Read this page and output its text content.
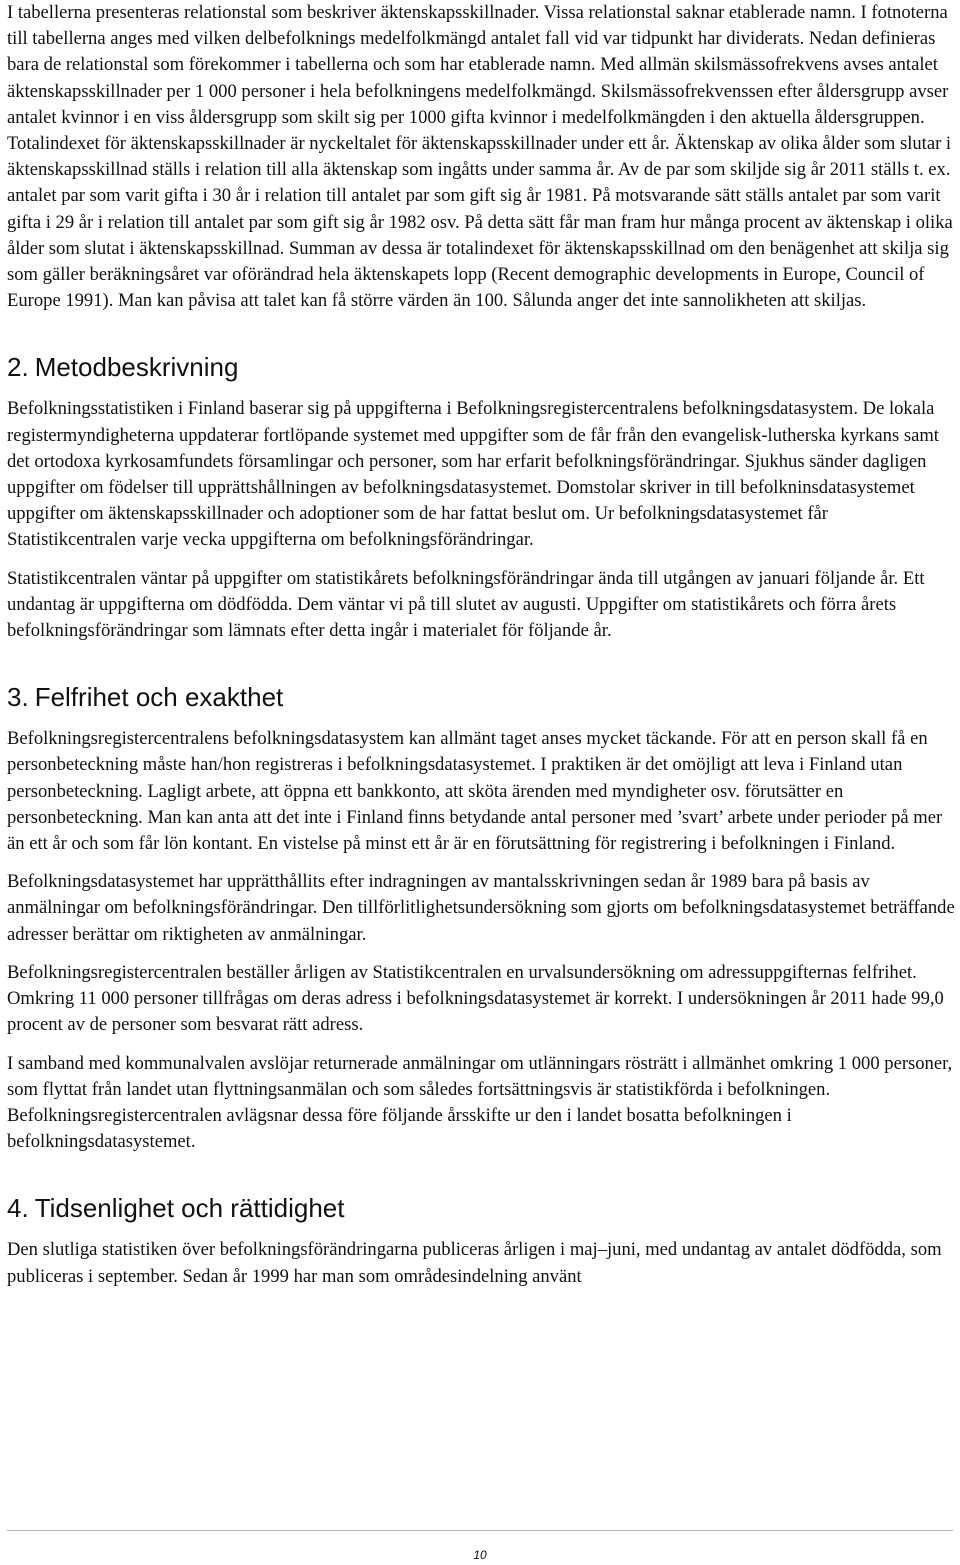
I tabellerna presenteras relationstal som beskriver äktenskapsskillnader. Vissa relationstal saknar etablerade namn. I fotnoterna till tabellerna anges med vilken delbefolknings medelfolkmängd antalet fall vid var tidpunkt har dividerats. Nedan definieras bara de relationstal som förekommer i tabellerna och som har etablerade namn. Med allmän skilsmässofrekvens avses antalet äktenskapsskillnader per 1 000 personer i hela befolkningens medelfolkmängd. Skilsmässofrekvenssen efter åldersgrupp avser antalet kvinnor i en viss åldersgrupp som skilt sig per 1000 gifta kvinnor i medelfolkmängden i den aktuella åldersgruppen. Totalindexet för äktenskapsskillnader är nyckeltalet för äktenskapsskillnader under ett år. Äktenskap av olika ålder som slutar i äktenskapsskillnad ställs i relation till alla äktenskap som ingåtts under samma år. Av de par som skiljde sig år 2011 ställs t. ex. antalet par som varit gifta i 30 år i relation till antalet par som gift sig år 1981. På motsvarande sätt ställs antalet par som varit gifta i 29 år i relation till antalet par som gift sig år 1982 osv. På detta sätt får man fram hur många procent av äktenskap i olika ålder som slutat i äktenskapsskillnad. Summan av dessa är totalindexet för äktenskapsskillnad om den benägenhet att skilja sig som gäller beräkningsåret var oförändrad hela äktenskapets lopp (Recent demographic developments in Europe, Council of Europe 1991). Man kan påvisa att talet kan få större värden än 100. Sålunda anger det inte sannolikheten att skiljas.

2. Metodbeskrivning

Befolkningsstatistiken i Finland baserar sig på uppgifterna i Befolkningsregistercentralens befolkningsdatasystem. De lokala registermyndigheterna uppdaterar fortlöpande systemet med uppgifter som de får från den evangelisk-lutherska kyrkans samt det ortodoxa kyrkosamfundets församlingar och personer, som har erfarit befolkningsförändringar. Sjukhus sänder dagligen uppgifter om födelser till upprättshållningen av befolkningsdatasystemet. Domstolar skriver in till befolkninsdatasystemet uppgifter om äktenskapsskillnader och adoptioner som de har fattat beslut om. Ur befolkningsdatasystemet får Statistikcentralen varje vecka uppgifterna om befolkningsförändringar.

Statistikcentralen väntar på uppgifter om statistikårets befolkningsförändringar ända till utgången av januari följande år. Ett undantag är uppgifterna om dödfödda. Dem väntar vi på till slutet av augusti. Uppgifter om statistikårets och förra årets befolkningsförändringar som lämnats efter detta ingår i materialet för följande år.

3. Felfrihet och exakthet

Befolkningsregistercentralens befolkningsdatasystem kan allmänt taget anses mycket täckande. För att en person skall få en personbeteckning måste han/hon registreras i befolkningsdatasystemet. I praktiken är det omöjligt att leva i Finland utan personbeteckning. Lagligt arbete, att öppna ett bankkonto, att sköta ärenden med myndigheter osv. förutsätter en personbeteckning. Man kan anta att det inte i Finland finns betydande antal personer med ’svart’ arbete under perioder på mer än ett år och som får lön kontant. En vistelse på minst ett år är en förutsättning för registrering i befolkningen i Finland.

Befolkningsdatasystemet har upprätthållits efter indragningen av mantalsskrivningen sedan år 1989 bara på basis av anmälningar om befolkningsförändringar. Den tillförlitlighetsundersökning som gjorts om befolkningsdatasystemet beträffande adresser berättar om riktigheten av anmälningar.

Befolkningsregistercentralen beställer årligen av Statistikcentralen en urvalsundersökning om adressuppgifternas felfrihet. Omkring 11 000 personer tillfrågas om deras adress i befolkningsdatasystemet är korrekt. I undersökningen år 2011 hade 99,0 procent av de personer som besvarat rätt adress.

I samband med kommunalvalen avslöjar returnerade anmälningar om utlänningars rösträtt i allmänhet omkring 1 000 personer, som flyttat från landet utan flyttningsanmälan och som således fortsättningsvis är statistikförda i befolkningen. Befolkningsregistercentralen avlägsnar dessa före följande årsskifte ur den i landet bosatta befolkningen i befolkningsdatasystemet.

4. Tidsenlighet och rättidighet

Den slutliga statistiken över befolkningsförändringarna publiceras årligen i maj–juni, med undantag av antalet dödfödda, som publiceras i september. Sedan år 1999 har man som områdesindelning använt

10
